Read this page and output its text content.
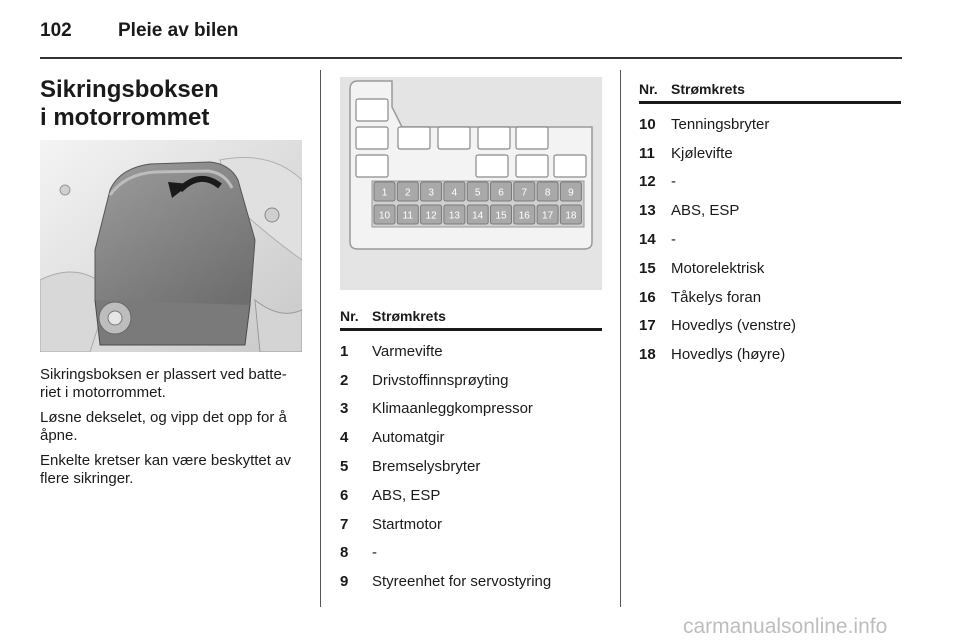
102 Pleie av bilen
Sikringsboksen
i motorrommet

Sikringsboksen er plassert ved batte-riet i motorrommet.

Løsne dekselet, og vipp det opp for å åpne.

Enkelte kretser kan være beskyttet av flere sikringer.

1 2 3 4 5 6 7 8 9
10 11 12 13 14 15 16 17 18
Nr. Strømkrets
1	Varmevifte
2	Drivstoffinnsprøyting
3	Klimaanleggkompressor
4	Automatgir
5	Bremselysbryter
6	ABS, ESP
7	Startmotor
8	-
9	Styreenhet for servostyring
Nr. Strømkrets
10	Tenningsbryter
11	Kjølevifte
12	-
13	ABS, ESP
14	-
15	Motorelektrisk
16	Tåkelys foran
17	Hovedlys (venstre)
18	Hovedlys (høyre)
carmanualsonline.info
